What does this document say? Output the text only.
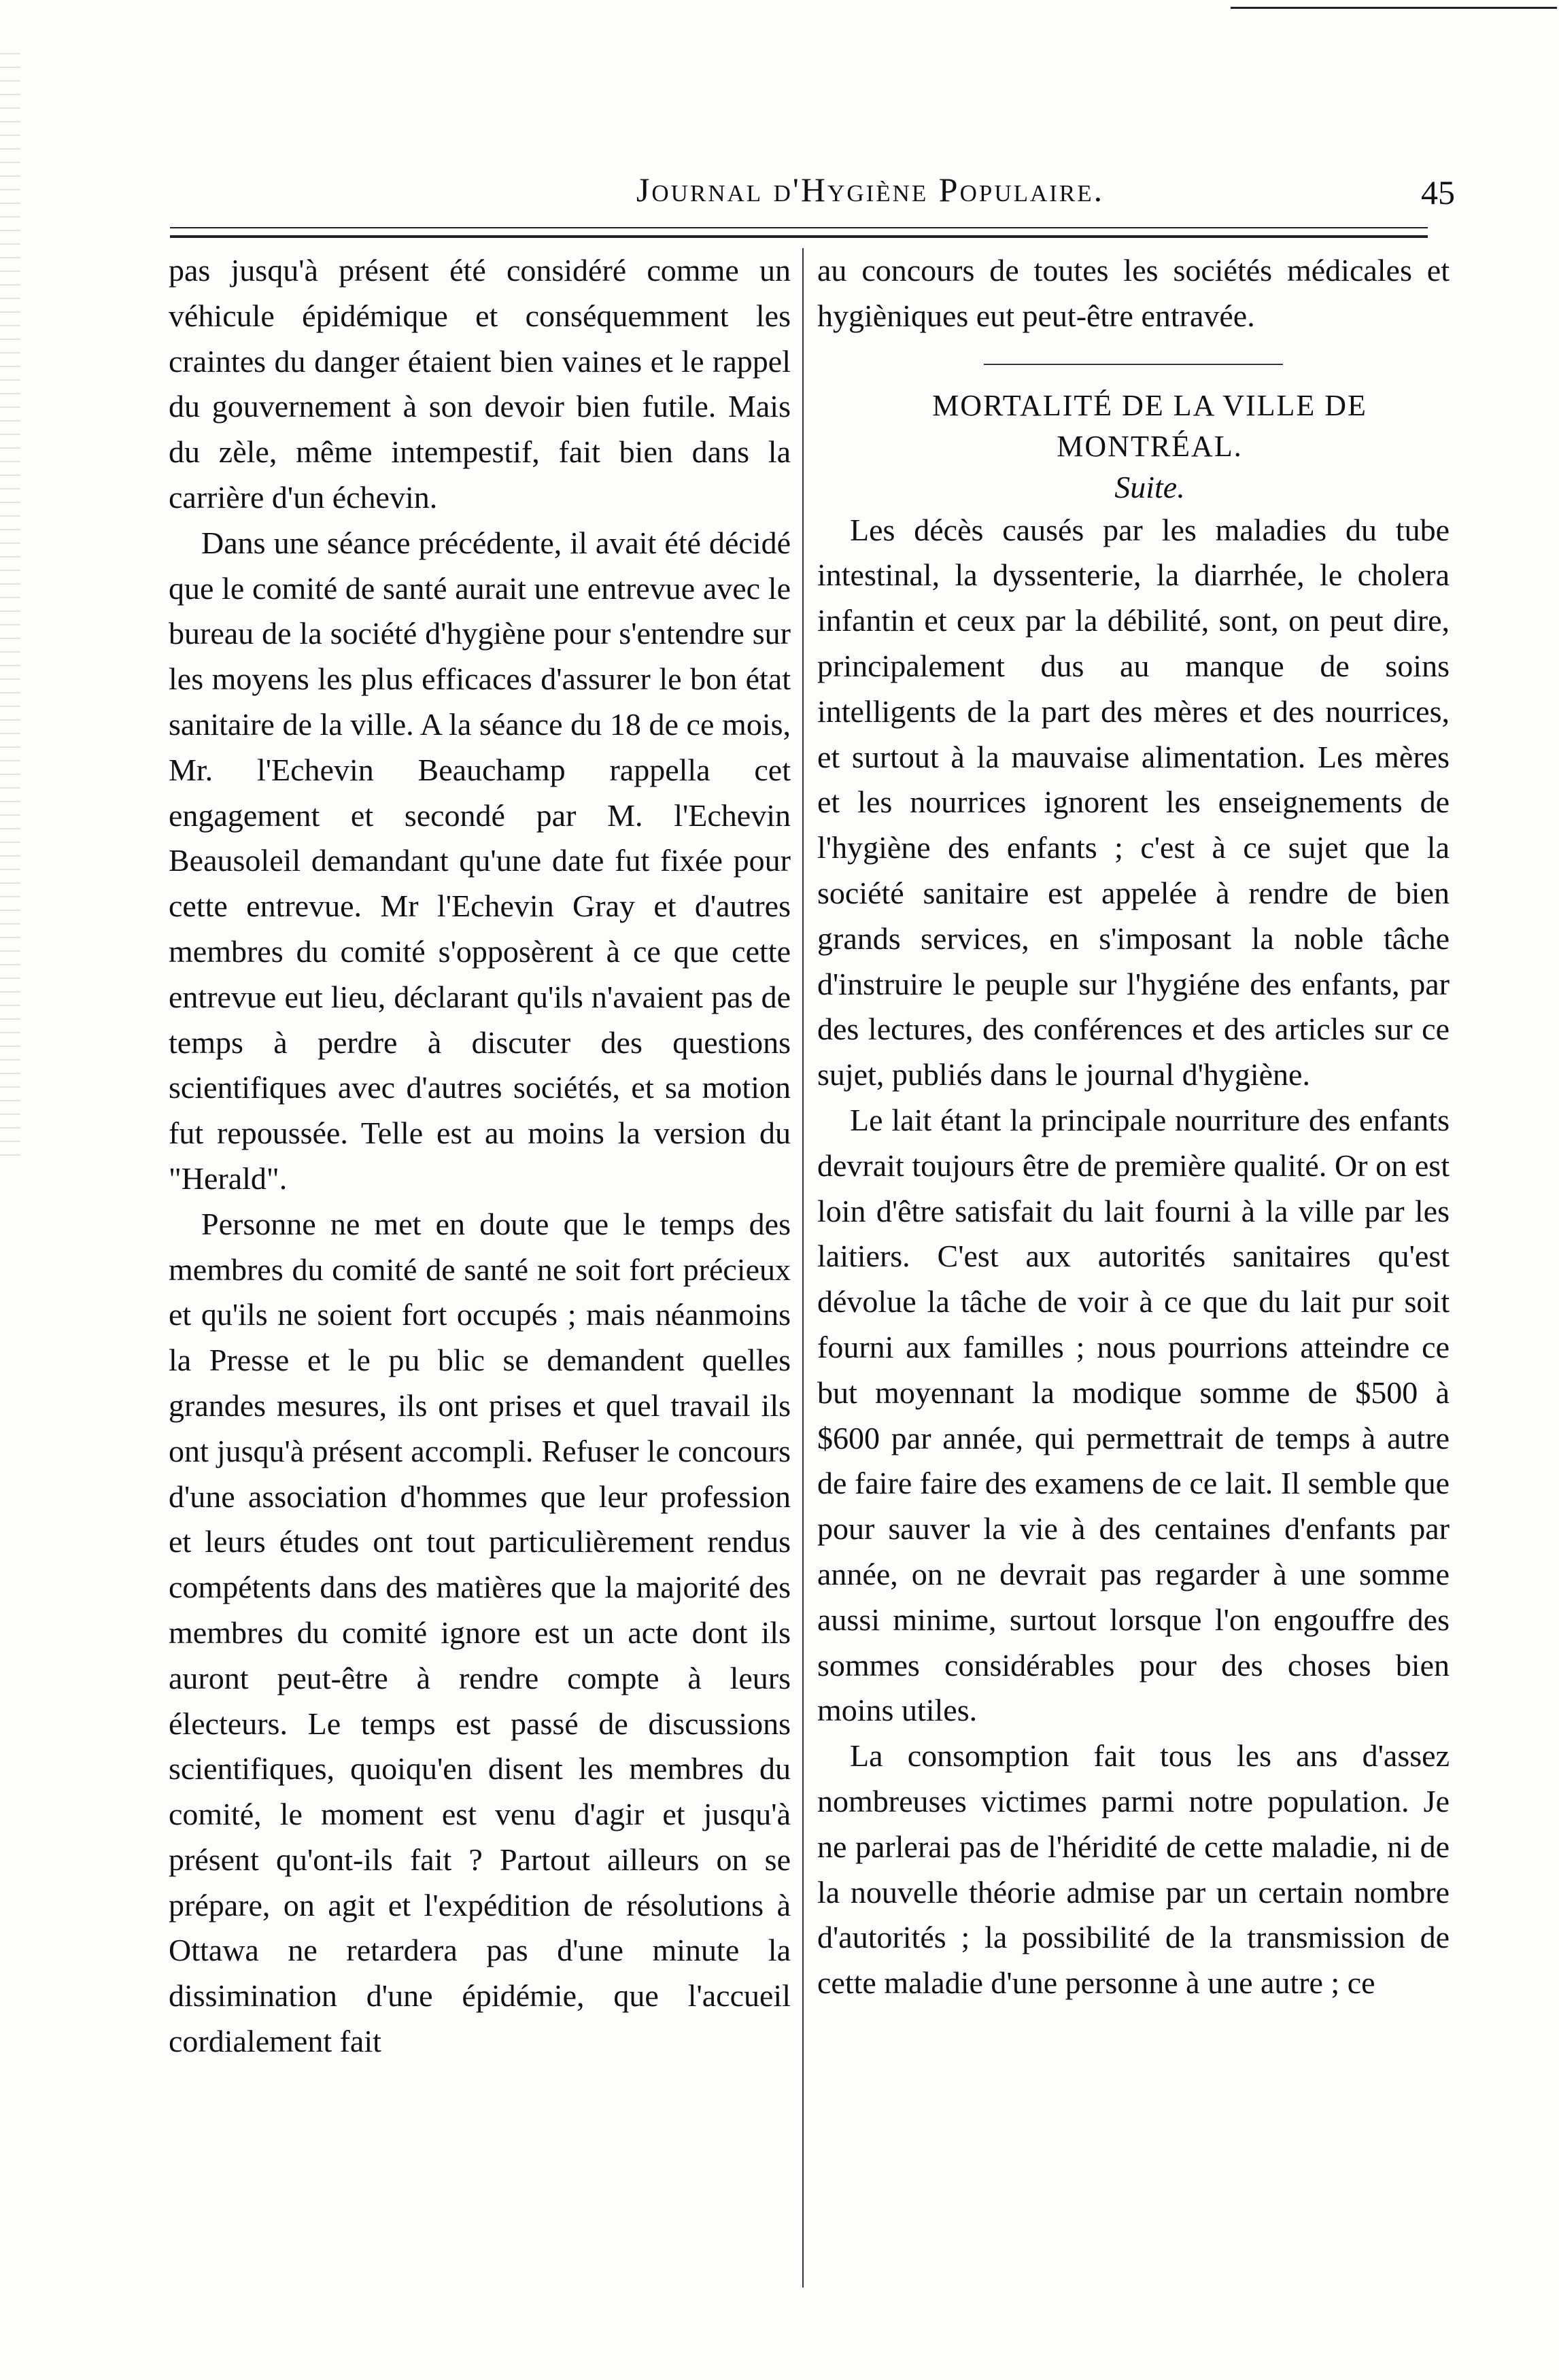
Journal d'Hygiène Populaire.	45

pas jusqu'à présent été considéré comme un véhicule épidémique et conséquemment les craintes du danger étaient bien vaines et le rappel du gouvernement à son devoir bien futile. Mais du zèle, même intempestif, fait bien dans la carrière d'un échevin.

Dans une séance précédente, il avait été décidé que le comité de santé aurait une entrevue avec le bureau de la société d'hygiène pour s'entendre sur les moyens les plus efficaces d'assurer le bon état sanitaire de la ville. A la séance du 18 de ce mois, Mr. l'Echevin Beauchamp rappella cet engagement et secondé par M. l'Echevin Beausoleil demandant qu'une date fut fixée pour cette entrevue. Mr l'Echevin Gray et d'autres membres du comité s'opposèrent à ce que cette entrevue eut lieu, déclarant qu'ils n'avaient pas de temps à perdre à discuter des questions scientifiques avec d'autres sociétés, et sa motion fut repoussée. Telle est au moins la version du "Herald".

Personne ne met en doute que le temps des membres du comité de santé ne soit fort précieux et qu'ils ne soient fort occupés ; mais néanmoins la Presse et le pu blic se demandent quelles grandes mesures, ils ont prises et quel travail ils ont jusqu'à présent accompli. Refuser le concours d'une association d'hommes que leur profession et leurs études ont tout particulièrement rendus compétents dans des matières que la majorité des membres du comité ignore est un acte dont ils auront peut-être à rendre compte à leurs électeurs. Le temps est passé de discussions scientifiques, quoiqu'en disent les membres du comité, le moment est venu d'agir et jusqu'à présent qu'ont-ils fait ? Partout ailleurs on se prépare, on agit et l'expédition de résolutions à Ottawa ne retardera pas d'une minute la dissimination d'une épidémie, que l'accueil cordialement fait

au concours de toutes les sociétés médicales et hygièniques eut peut-être entravée.

MORTALITÉ DE LA VILLE DE

MONTRÉAL.

Suite.

Les décès causés par les maladies du tube intestinal, la dyssenterie, la diarrhée, le cholera infantin et ceux par la débilité, sont, on peut dire, principalement dus au manque de soins intelligents de la part des mères et des nourrices, et surtout à la mauvaise alimentation. Les mères et les nourrices ignorent les enseignements de l'hygiène des enfants ; c'est à ce sujet que la société sanitaire est appelée à rendre de bien grands services, en s'imposant la noble tâche d'instruire le peuple sur l'hygiéne des enfants, par des lectures, des conférences et des articles sur ce sujet, publiés dans le journal d'hygiène.

Le lait étant la principale nourriture des enfants devrait toujours être de première qualité. Or on est loin d'être satisfait du lait fourni à la ville par les laitiers. C'est aux autorités sanitaires qu'est dévolue la tâche de voir à ce que du lait pur soit fourni aux familles ; nous pourrions atteindre ce but moyennant la modique somme de $500 à $600 par année, qui permettrait de temps à autre de faire faire des examens de ce lait. Il semble que pour sauver la vie à des centaines d'enfants par année, on ne devrait pas regarder à une somme aussi minime, surtout lorsque l'on engouffre des sommes considérables pour des choses bien moins utiles.

La consomption fait tous les ans d'assez nombreuses victimes parmi notre population. Je ne parlerai pas de l'héridité de cette maladie, ni de la nouvelle théorie admise par un certain nombre d'autorités ; la possibilité de la transmission de cette maladie d'une personne à une autre ; ce
